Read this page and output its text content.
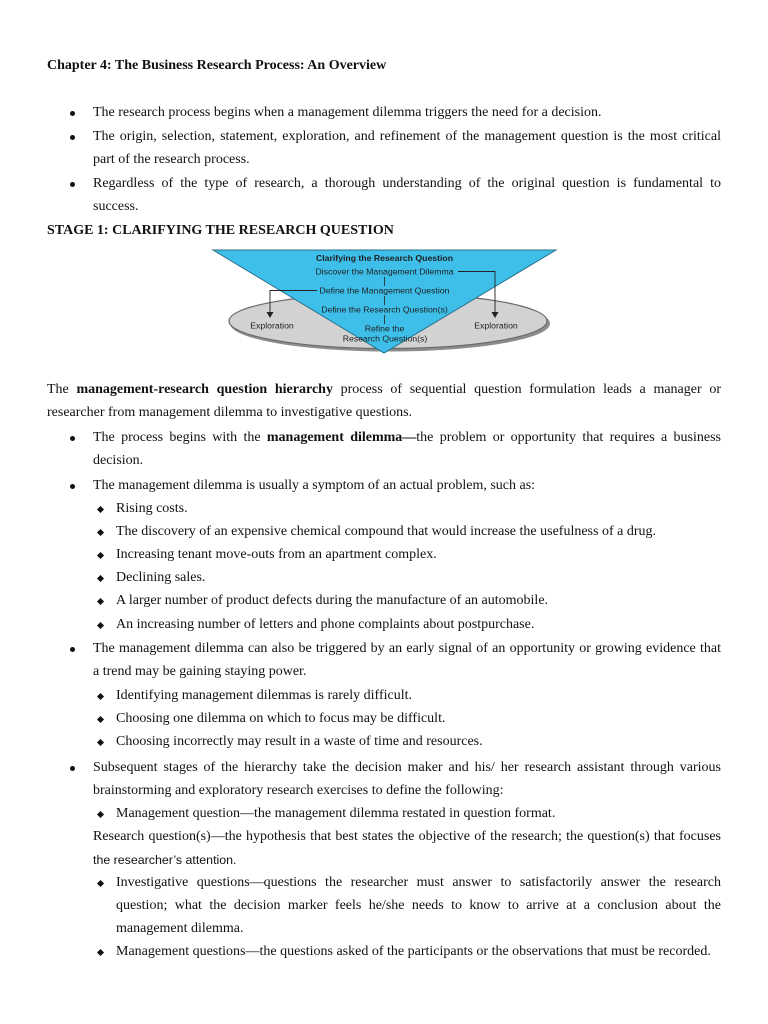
Chapter 4: The Business Research Process: An Overview
The research process begins when a management dilemma triggers the need for a decision.
The origin, selection, statement, exploration, and refinement of the management question is the most critical
part of the research process.
Regardless of the type of research, a thorough understanding of the original question is fundamental to
success.
STAGE 1: CLARIFYING THE RESEARCH QUESTION
Clarifying the Research Question
Discover the Management Dilemma
Define the Management Question
Define the Research Question(s)
Refine the
Research Question(s)
Exploration	Exploration
The management-research question hierarchy process of sequential question formulation leads a manager or
researcher from management dilemma to investigative questions.
The process begins with the management dilemma—the problem or opportunity that requires a business
decision.
The management dilemma is usually a symptom of an actual problem, such as:
Rising costs.
The discovery of an expensive chemical compound that would increase the usefulness of a drug.
Increasing tenant move-outs from an apartment complex.
Declining sales.
A larger number of product defects during the manufacture of an automobile.
An increasing number of letters and phone complaints about postpurchase.
The management dilemma can also be triggered by an early signal of an opportunity or growing evidence that
a trend may be gaining staying power.
Identifying management dilemmas is rarely difficult.
Choosing one dilemma on which to focus may be difficult.
Choosing incorrectly may result in a waste of time and resources.
Subsequent stages of the hierarchy take the decision maker and his/ her research assistant through various
brainstorming and exploratory research exercises to define the following:
Management question—the management dilemma restated in question format.
Research question(s)—the hypothesis that best states the objective of the research; the question(s) that focuses
the researcher’s attention.
Investigative questions—questions the researcher must answer to satisfactorily answer the research
question; what the decision marker feels he/she needs to know to arrive at a conclusion about the
management dilemma.
Management questions—the questions asked of the participants or the observations that must be recorded.
